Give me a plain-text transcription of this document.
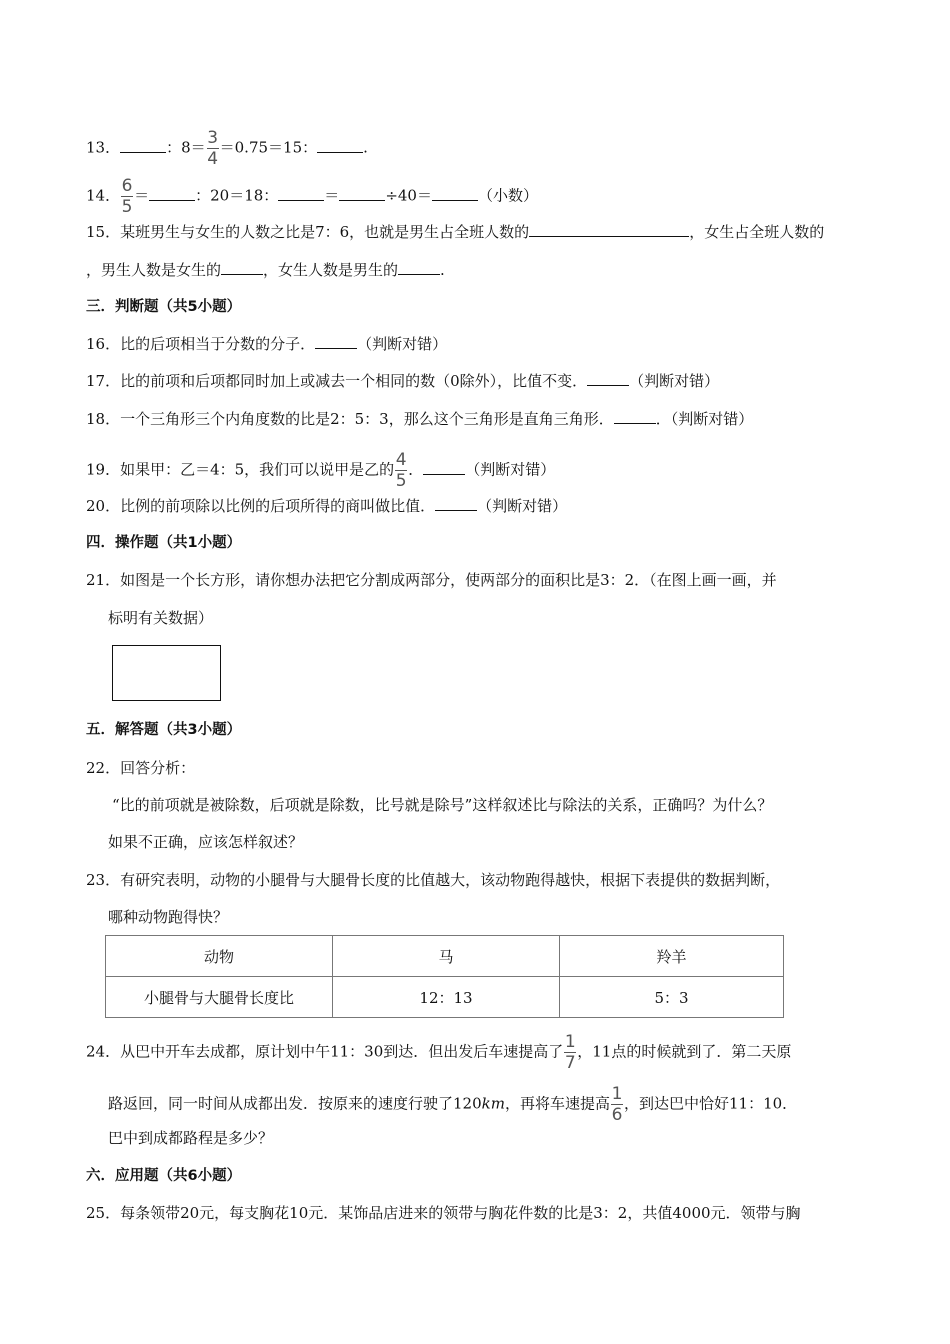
13．	：$8= \frac{3}{4} =0.75=15$：	.
14． $\frac{6}{5}$ ＝	：20＝18：	＝	÷40＝	（小数）
15．某班男生与女生的人数之比是7：6，也就是男生占全班人数的	，女生占全班人数的
，男生人数是女生的	，女生人数是男生的	.
三．判断题（共5小题）
16．比的后项相当于分数的分子．	（判断对错）
17．比的前项和后项都同时加上或减去一个相同的数（0除外），比值不变．	（判断对错）
18．一个三角形三个内角度数的比是2：5：3，那么这个三角形是直角三角形．	．（判断对错）
19．如果甲：乙＝4：5，我们可以说甲是乙的 $\frac{4}{5}$ ．	（判断对错）
20．比例的前项除以比例的后项所得的商叫做比值．	（判断对错）
四．操作题（共1小题）
21．如图是一个长方形，请你想办法把它分割成两部分，使两部分的面积比是3：2．（在图上画一画，并
标明有关数据）
五．解答题（共3小题）
22．回答分析：
“比的前项就是被除数，后项就是除数，比号就是除号”这样叙述比与除法的关系，正确吗？为什么？
如果不正确，应该怎样叙述？
23．有研究表明，动物的小腿骨与大腿骨长度的比值越大，该动物跑得越快，根据下表提供的数据判断，
哪种动物跑得快？
动物	马	羚羊
小腿骨与大腿骨长度比	12：13	5：3
24．从巴中开车去成都，原计划中午11：30到达．但出发后车速提高了 $\frac{1}{7}$ ，11点的时候就到了．第二天原
路返回，同一时间从成都出发．按原来的速度行驶了120km，再将车速提高 $\frac{1}{6}$ ，到达巴中恰好11：10．
巴中到成都路程是多少？
六．应用题（共6小题）
25．每条领带20元，每支胸花10元．某饰品店进来的领带与胸花件数的比是3：2，共值4000元．领带与胸
